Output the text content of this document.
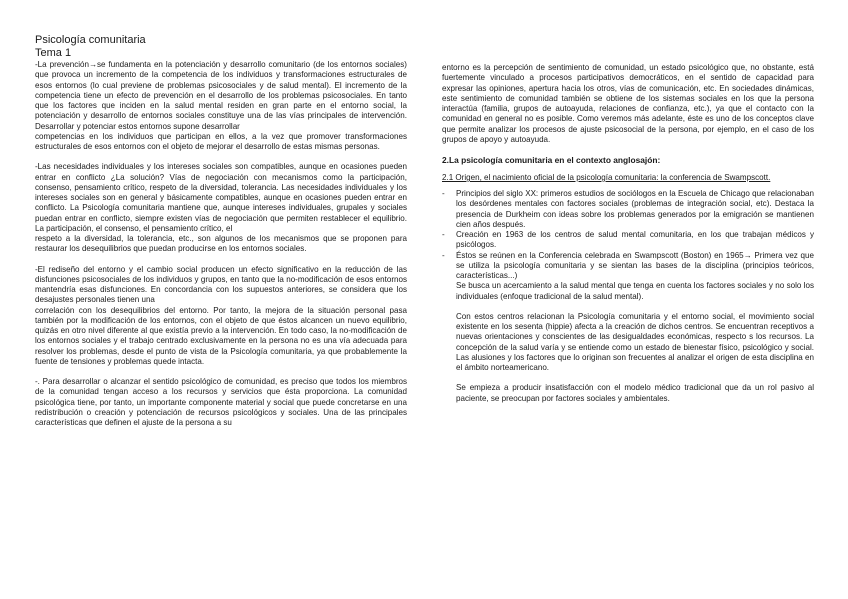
Psicología comunitaria

Tema 1

-La prevención→se fundamenta en la potenciación y desarrollo comunitario (de los entornos sociales) que provoca un incremento de la competencia de los individuos y transformaciones estructurales de esos entornos (lo cual previene de problemas psicosociales y de salud mental). El incremento de la competencia tiene un efecto de prevención en el desarrollo de los problemas psicosociales. En tanto que los factores que inciden en la salud mental residen en gran parte en el entorno social, la potenciación y desarrollo de entornos sociales constituye una de las vías principales de intervención. Desarrollar y potenciar estos entornos supone desarrollar

competencias en los individuos que participan en ellos, a la vez que promover transformaciones estructurales de esos entornos con el objeto de mejorar el desarrollo de estas mismas personas.

-Las necesidades individuales y los intereses sociales son compatibles, aunque en ocasiones pueden entrar en conflicto ¿La solución? Vías de negociación con mecanismos como la participación, consenso, pensamiento crítico, respeto de la diversidad, tolerancia. Las necesidades individuales y los intereses sociales son en general y básicamente compatibles, aunque en ocasiones pueden entrar en conflicto. La Psicología comunitaria mantiene que, aunque intereses individuales, grupales y sociales puedan entrar en conflicto, siempre existen vías de negociación que permiten restablecer el equilibrio. La participación, el consenso, el pensamiento crítico, el

respeto a la diversidad, la tolerancia, etc., son algunos de los mecanismos que se proponen para restaurar los desequilibrios que puedan producirse en los entornos sociales.

-El rediseño del entorno y el cambio social producen un efecto significativo en la reducción de las disfunciones psicosociales de los individuos y grupos, en tanto que la no-modificación de esos entornos mantendría esas disfunciones. En concordancia con los supuestos anteriores, se considera que los desajustes personales tienen una

correlación con los desequilibrios del entorno. Por tanto, la mejora de la situación personal pasa también por la modificación de los entornos, con el objeto de que éstos alcancen un nuevo equilibrio, quizás en otro nivel diferente al que existía previo a la intervención. En todo caso, la no-modificación de los entornos sociales y el trabajo centrado exclusivamente en la persona no es una vía adecuada para resolver los problemas, desde el punto de vista de la Psicología comunitaria, ya que probablemente la fuente de tensiones y problemas quede intacta.

-. Para desarrollar o alcanzar el sentido psicológico de comunidad, es preciso que todos los miembros de la comunidad tengan acceso a los recursos y servicios que ésta proporciona. La comunidad psicológica tiene, por tanto, un importante componente material y social que puede concretarse en una redistribución o creación y potenciación de recursos psicológicos y sociales. Una de las principales características que definen el ajuste de la persona a su

entorno es la percepción de sentimiento de comunidad, un estado psicológico que, no obstante, está fuertemente vinculado a procesos participativos democráticos, en el sentido de capacidad para expresar las opiniones, apertura hacia los otros, vías de comunicación, etc. En sociedades dinámicas, este sentimiento de comunidad también se obtiene de los sistemas sociales en los que la persona interactúa (familia, grupos de autoayuda, relaciones de confianza, etc.), ya que el contacto con la comunidad en general no es posible. Como veremos más adelante, éste es uno de los conceptos clave que permite analizar los procesos de ajuste psicosocial de la persona, por ejemplo, en el caso de los grupos de apoyo y autoayuda.

2.La psicología comunitaria en el contexto anglosajón:

2.1 Origen, el nacimiento oficial de la psicología comunitaria: la conferencia de Swampscott.

- Principios del siglo XX: primeros estudios de sociólogos en la Escuela de Chicago que relacionaban los desórdenes mentales con factores sociales (problemas de integración social, etc). Destaca la presencia de Durkheim con ideas sobre los problemas generados por la emigración se mantienen cien años después.
- Creación en 1963 de los centros de salud mental comunitaria, en los que trabajan médicos y psicólogos.
- Éstos se reúnen en la Conferencia celebrada en Swampscott (Boston) en 1965→ Primera vez que se utiliza la psicología comunitaria y se sientan las bases de la disciplina (principios teóricos, características...)

Se busca un acercamiento a la salud mental que tenga en cuenta los factores sociales y no solo los individuales (enfoque tradicional de la salud mental).

Con estos centros relacionan la Psicología comunitaria y el entorno social, el movimiento social existente en los sesenta (hippie) afecta a la creación de dichos centros. Se encuentran receptivos a nuevas orientaciones y conscientes de las desigualdades económicas, respecto s los recursos. La concepción de la salud varía y se entiende como un estado de bienestar físico, psicológico y social. Las alusiones y los factores que lo originan son frecuentes al analizar el origen de esta disciplina en el ámbito norteamericano.

Se empieza a producir insatisfacción con el modelo médico tradicional que da un rol pasivo al paciente, se preocupan por factores sociales y ambientales.
